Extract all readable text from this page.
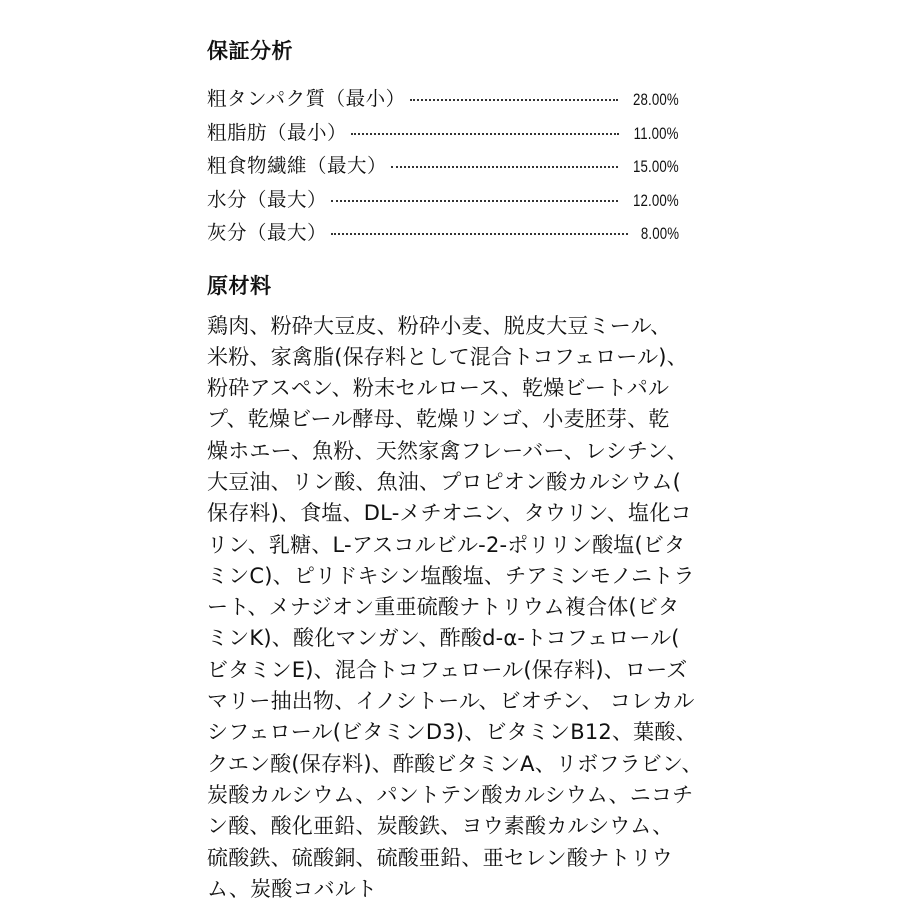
保証分析
粗タンパク質（最小）	28.00%
粗脂肪（最小）	11.00%
粗食物繊維（最大）	15.00%
水分（最大）	12.00%
灰分（最大）	8.00%
原材料
鶏肉、粉砕大豆皮、粉砕小麦、脱皮大豆ミール、
米粉、家禽脂(保存料として混合トコフェロール)、
粉砕アスペン、粉末セルロース、乾燥ビートパル
プ、乾燥ビール酵母、乾燥リンゴ、小麦胚芽、乾
燥ホエー、魚粉、天然家禽フレーバー、レシチン、
大豆油、リン酸、魚油、プロピオン酸カルシウム(
保存料)、食塩、DL-メチオニン、タウリン、塩化コ
リン、乳糖、L-アスコルビル-2-ポリリン酸塩(ビタ
ミンC)、ピリドキシン塩酸塩、チアミンモノニトラ
ート、メナジオン重亜硫酸ナトリウム複合体(ビタ
ミンK)、酸化マンガン、酢酸d-α-トコフェロール(
ビタミンE)、混合トコフェロール(保存料)、ローズ
マリー抽出物、イノシトール、ビオチン、 コレカル
シフェロール(ビタミンD3)、ビタミンB12、葉酸、
クエン酸(保存料)、酢酸ビタミンA、リボフラビン、
炭酸カルシウム、パントテン酸カルシウム、ニコチ
ン酸、酸化亜鉛、炭酸鉄、ヨウ素酸カルシウム、
硫酸鉄、硫酸銅、硫酸亜鉛、亜セレン酸ナトリウ
ム、炭酸コバルト
